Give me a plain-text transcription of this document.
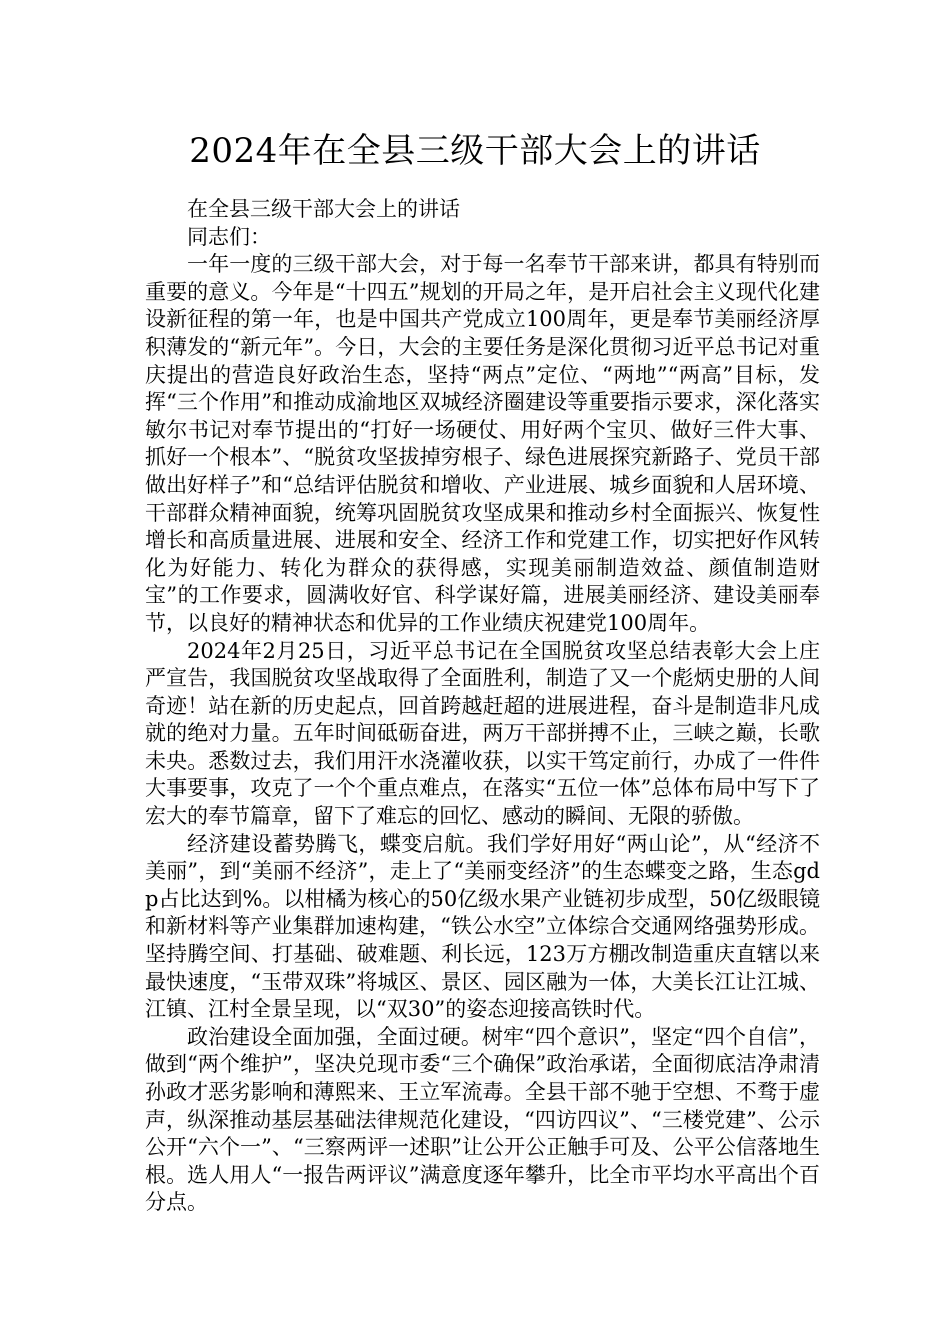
2024年在全县三级干部大会上的讲话

在全县三级干部大会上的讲话

同志们：

一年一度的三级干部大会，对于每一名奉节干部来讲，都具有特别而重要的意义。今年是“十四五”规划的开局之年，是开启社会主义现代化建设新征程的第一年，也是中国共产党成立100周年，更是奉节美丽经济厚积薄发的“新元年”。今日，大会的主要任务是深化贯彻习近平总书记对重庆提出的营造良好政治生态，坚持“两点”定位、“两地”“两高”目标，发挥“三个作用”和推动成渝地区双城经济圈建设等重要指示要求，深化落实敏尔书记对奉节提出的“打好一场硬仗、用好两个宝贝、做好三件大事、抓好一个根本”、“脱贫攻坚拔掉穷根子、绿色进展探究新路子、党员干部做出好样子”和“总结评估脱贫和增收、产业进展、城乡面貌和人居环境、干部群众精神面貌，统筹巩固脱贫攻坚成果和推动乡村全面振兴、恢复性增长和高质量进展、进展和安全、经济工作和党建工作，切实把好作风转化为好能力、转化为群众的获得感，实现美丽制造效益、颜值制造财宝”的工作要求，圆满收好官、科学谋好篇，进展美丽经济、建设美丽奉节，以良好的精神状态和优异的工作业绩庆祝建党100周年。

2024年2月25日，习近平总书记在全国脱贫攻坚总结表彰大会上庄严宣告，我国脱贫攻坚战取得了全面胜利，制造了又一个彪炳史册的人间奇迹！站在新的历史起点，回首跨越赶超的进展进程，奋斗是制造非凡成就的绝对力量。五年时间砥砺奋进，两万干部拼搏不止，三峡之巅，长歌未央。悉数过去，我们用汗水浇灌收获，以实干笃定前行，办成了一件件大事要事，攻克了一个个重点难点，在落实“五位一体”总体布局中写下了宏大的奉节篇章，留下了难忘的回忆、感动的瞬间、无限的骄傲。

经济建设蓄势腾飞，蝶变启航。我们学好用好“两山论”，从“经济不美丽”，到“美丽不经济”，走上了“美丽变经济”的生态蝶变之路，生态gdp占比达到%。以柑橘为核心的50亿级水果产业链初步成型，50亿级眼镜和新材料等产业集群加速构建，“铁公水空”立体综合交通网络强势形成。坚持腾空间、打基础、破难题、利长远，123万方棚改制造重庆直辖以来最快速度，“玉带双珠”将城区、景区、园区融为一体，大美长江让江城、江镇、江村全景呈现，以“双30”的姿态迎接高铁时代。

政治建设全面加强，全面过硬。树牢“四个意识”，坚定“四个自信”，做到“两个维护”，坚决兑现市委“三个确保”政治承诺，全面彻底洁净肃清孙政才恶劣影响和薄熙来、王立军流毒。全县干部不驰于空想、不骛于虚声，纵深推动基层基础法律规范化建设，“四访四议”、“三楼党建”、公示公开“六个一”、“三察两评一述职”让公开公正触手可及、公平公信落地生根。选人用人“一报告两评议”满意度逐年攀升，比全市平均水平高出个百分点。
